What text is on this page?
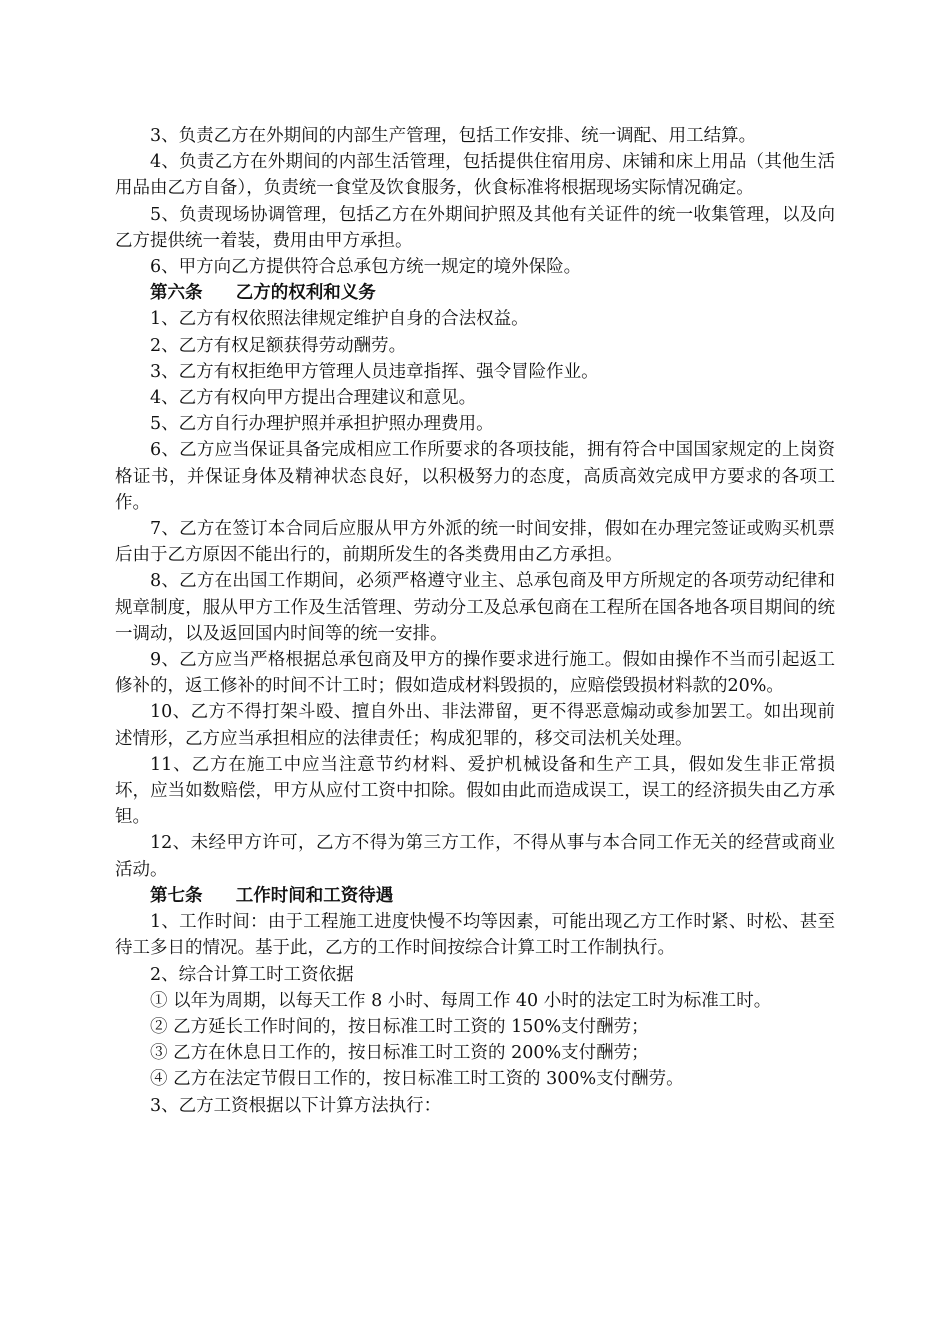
3、负责乙方在外期间的内部生产管理，包括工作安排、统一调配、用工结算。

4、负责乙方在外期间的内部生活管理，包括提供住宿用房、床铺和床上用品（其他生活用品由乙方自备），负责统一食堂及饮食服务，伙食标准将根据现场实际情况确定。

5、负责现场协调管理，包括乙方在外期间护照及其他有关证件的统一收集管理，以及向乙方提供统一着装，费用由甲方承担。

6、甲方向乙方提供符合总承包方统一规定的境外保险。

第六条 乙方的权利和义务

1、乙方有权依照法律规定维护自身的合法权益。

2、乙方有权足额获得劳动酬劳。

3、乙方有权拒绝甲方管理人员违章指挥、强令冒险作业。

4、乙方有权向甲方提出合理建议和意见。

5、乙方自行办理护照并承担护照办理费用。

6、乙方应当保证具备完成相应工作所要求的各项技能，拥有符合中国国家规定的上岗资格证书，并保证身体及精神状态良好，以积极努力的态度，高质高效完成甲方要求的各项工作。

7、乙方在签订本合同后应服从甲方外派的统一时间安排，假如在办理完签证或购买机票后由于乙方原因不能出行的，前期所发生的各类费用由乙方承担。

8、乙方在出国工作期间，必须严格遵守业主、总承包商及甲方所规定的各项劳动纪律和规章制度，服从甲方工作及生活管理、劳动分工及总承包商在工程所在国各地各项目期间的统一调动，以及返回国内时间等的统一安排。

9、乙方应当严格根据总承包商及甲方的操作要求进行施工。假如由操作不当而引起返工修补的，返工修补的时间不计工时；假如造成材料毁损的，应赔偿毁损材料款的20%。

10、乙方不得打架斗殴、擅自外出、非法滞留，更不得恶意煽动或参加罢工。如出现前述情形，乙方应当承担相应的法律责任；构成犯罪的，移交司法机关处理。

11、乙方在施工中应当注意节约材料、爱护机械设备和生产工具，假如发生非正常损坏，应当如数赔偿，甲方从应付工资中扣除。假如由此而造成误工，误工的经济损失由乙方承钽。

12、未经甲方许可，乙方不得为第三方工作，不得从事与本合同工作无关的经营或商业活动。

第七条 工作时间和工资待遇

1、工作时间：由于工程施工进度快慢不均等因素，可能出现乙方工作时紧、时松、甚至待工多日的情况。基于此，乙方的工作时间按综合计算工时工作制执行。

2、综合计算工时工资依据

① 以年为周期，以每天工作 8 小时、每周工作 40 小时的法定工时为标准工时。

② 乙方延长工作时间的，按日标准工时工资的 150%支付酬劳；

③ 乙方在休息日工作的，按日标准工时工资的 200%支付酬劳；

④ 乙方在法定节假日工作的，按日标准工时工资的 300%支付酬劳。

3、乙方工资根据以下计算方法执行：
